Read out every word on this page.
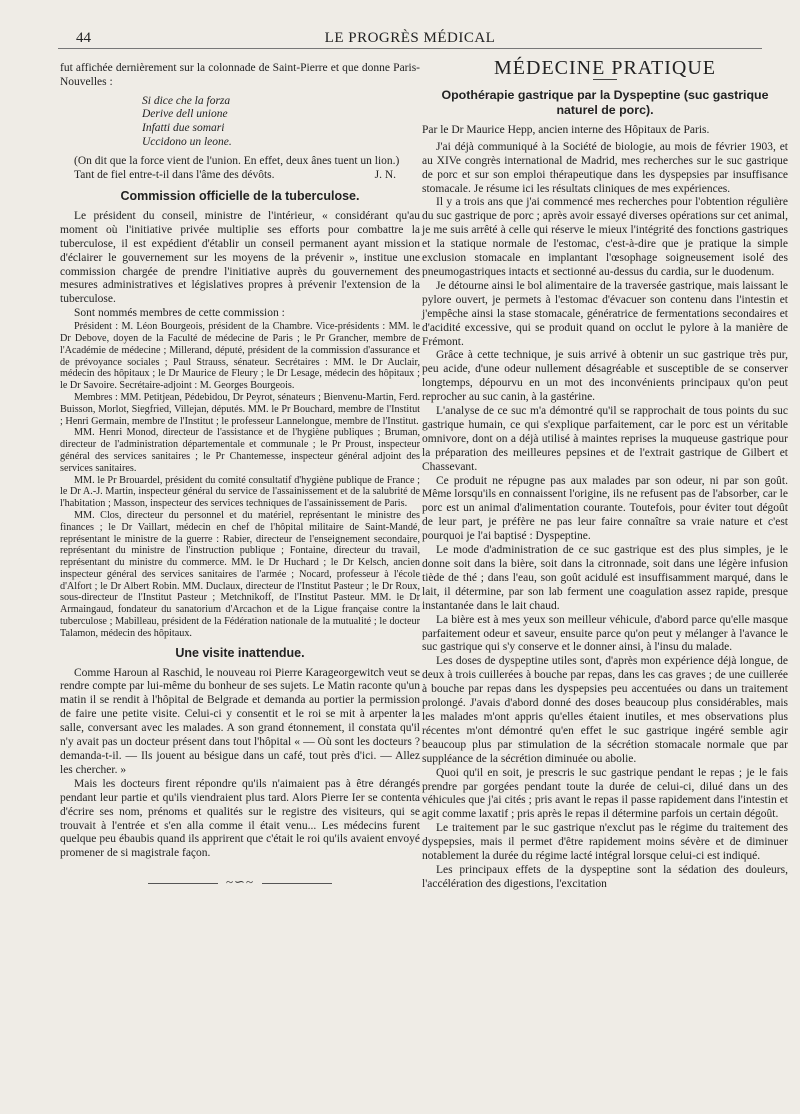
44	LE PROGRÈS MÉDICAL

fut affichée dernièrement sur la colonnade de Saint-Pierre et que donne Paris-Nouvelles :

Si dice che la forza
Derive dell unione
Infatti due somari
Uccidono un leone.

(On dit que la force vient de l'union. En effet, deux ânes tuent un lion.)

Tant de fiel entre-t-il dans l'âme des dévôts.	J. N.
Commission officielle de la tuberculose.

Le président du conseil, ministre de l'intérieur, « considérant qu'au moment où l'initiative privée multiplie ses efforts pour combattre la tuberculose, il est expédient d'établir un conseil permanent ayant mission d'éclairer le gouvernement sur les moyens de la prévenir », institue une commission chargée de prendre l'initiative auprès du gouvernement des mesures administratives et législatives propres à prévenir l'extension de la tuberculose.

Sont nommés membres de cette commission :

Président : M. Léon Bourgeois, président de la Chambre. Vice-présidents : MM. le Dr Debove, doyen de la Faculté de médecine de Paris ; le Pr Grancher, membre de l'Académie de médecine ; Millerand, député, président de la commission d'assurance et de prévoyance sociales ; Paul Strauss, sénateur. Secrétaires : MM. le Dr Auclair, médecin des hôpitaux ; le Dr Maurice de Fleury ; le Dr Lesage, médecin des hôpitaux ; le Dr Savoire. Secrétaire-adjoint : M. Georges Bourgeois.

Membres : MM. Petitjean, Pédebidou, Dr Peyrot, sénateurs ; Bienvenu-Martin, Ferd. Buisson, Morlot, Siegfried, Villejan, députés. MM. le Pr Bouchard, membre de l'Institut ; Henri Germain, membre de l'Institut ; le professeur Lannelongue, membre de l'Institut.

MM. Henri Monod, directeur de l'assistance et de l'hygiène publiques ; Bruman, directeur de l'administration départementale et communale ; le Pr Proust, inspecteur général des services sanitaires ; le Pr Chantemesse, inspecteur général adjoint des services sanitaires.

MM. le Pr Brouardel, président du comité consultatif d'hygiène publique de France ; le Dr A.-J. Martin, inspecteur général du service de l'assainissement et de la salubrité de l'habitation ; Masson, inspecteur des services techniques de l'assainissement de Paris.

MM. Clos, directeur du personnel et du matériel, représentant le ministre des finances ; le Dr Vaillart, médecin en chef de l'hôpital militaire de Saint-Mandé, représentant le ministre de la guerre : Rabier, directeur de l'enseignement secondaire, représentant du ministre de l'instruction publique ; Fontaine, directeur du travail, représentant du ministre du commerce. MM. le Dr Huchard ; le Dr Kelsch, ancien inspecteur général des services sanitaires de l'armée ; Nocard, professeur à l'école d'Alfort ; le Dr Albert Robin. MM. Duclaux, directeur de l'Institut Pasteur ; le Dr Roux, sous-directeur de l'Institut Pasteur ; Metchnikoff, de l'Institut Pasteur. MM. le Dr Armaingaud, fondateur du sanatorium d'Arcachon et de la Ligue française contre la tuberculose ; Mabilleau, président de la Fédération nationale de la mutualité ; le docteur Talamon, médecin des hôpitaux.

Une visite inattendue.

Comme Haroun al Raschid, le nouveau roi Pierre Karageorgewitch veut se rendre compte par lui-même du bonheur de ses sujets. Le Matin raconte qu'un matin il se rendit à l'hôpital de Belgrade et demanda au portier la permission de faire une petite visite. Celui-ci y consentit et le roi se mit à arpenter la salle, conversant avec les malades. A son grand étonnement, il constata qu'il n'y avait pas un docteur présent dans tout l'hôpital « — Où sont les docteurs ? demanda-t-il. — Ils jouent au bésigue dans un café, tout près d'ici. — Allez les chercher. »

Mais les docteurs firent répondre qu'ils n'aimaient pas à être dérangés pendant leur partie et qu'ils viendraient plus tard. Alors Pierre Ier se contenta d'écrire ses nom, prénoms et qualités sur le registre des visiteurs, qui se trouvait à l'entrée et s'en alla comme il était venu... Les médecins furent quelque peu ébaubis quand ils apprirent que c'était le roi qu'ils avaient envoyé promener de si magistrale façon.

~∽~
MÉDECINE PRATIQUE
Opothérapie gastrique par la Dyspeptine (suc gastrique naturel de porc).

Par le Dr Maurice Hepp, ancien interne des Hôpitaux de Paris.

J'ai déjà communiqué à la Société de biologie, au mois de février 1903, et au XIVe congrès international de Madrid, mes recherches sur le suc gastrique de porc et sur son emploi thérapeutique dans les dyspepsies par insuffisance stomacale. Je résume ici les résultats cliniques de mes expériences.

Il y a trois ans que j'ai commencé mes recherches pour l'obtention régulière du suc gastrique de porc ; après avoir essayé diverses opérations sur cet animal, je me suis arrêté à celle qui réserve le mieux l'intégrité des fonctions gastriques et la statique normale de l'estomac, c'est-à-dire que je pratique la simple exclusion stomacale en implantant l'œsophage soigneusement isolé des pneumogastriques intacts et sectionné au-dessus du cardia, sur le duodenum.

Je détourne ainsi le bol alimentaire de la traversée gastrique, mais laissant le pylore ouvert, je permets à l'estomac d'évacuer son contenu dans l'intestin et j'empêche ainsi la stase stomacale, génératrice de fermentations secondaires et d'acidité excessive, qui se produit quand on occlut le pylore à la manière de Frémont.

Grâce à cette technique, je suis arrivé à obtenir un suc gastrique très pur, peu acide, d'une odeur nullement désagréable et susceptible de se conserver longtemps, dépourvu en un mot des inconvénients principaux qu'on peut reprocher au suc canin, à la gastérine.

L'analyse de ce suc m'a démontré qu'il se rapprochait de tous points du suc gastrique humain, ce qui s'explique parfaitement, car le porc est un véritable omnivore, dont on a déjà utilisé à maintes reprises la muqueuse gastrique pour la préparation des meilleures pepsines et de l'extrait gastrique de Gilbert et Chassevant.

Ce produit ne répugne pas aux malades par son odeur, ni par son goût. Même lorsqu'ils en connaissent l'origine, ils ne refusent pas de l'absorber, car le porc est un animal d'alimentation courante. Toutefois, pour éviter tout dégoût de leur part, je préfère ne pas leur faire connaître sa vraie nature et c'est pourquoi je l'ai baptisé : Dyspeptine.

Le mode d'administration de ce suc gastrique est des plus simples, je le donne soit dans la bière, soit dans la citronnade, soit dans une légère infusion tiède de thé ; dans l'eau, son goût acidulé est insuffisamment marqué, dans le lait, il détermine, par son lab ferment une coagulation assez rapide, presque instantanée dans le lait chaud.

La bière est à mes yeux son meilleur véhicule, d'abord parce qu'elle masque parfaitement odeur et saveur, ensuite parce qu'on peut y mélanger à l'avance le suc gastrique qui s'y conserve et le donner ainsi, à l'insu du malade.

Les doses de dyspeptine utiles sont, d'après mon expérience déjà longue, de deux à trois cuillerées à bouche par repas, dans les cas graves ; de une cuillerée à bouche par repas dans les dyspepsies peu accentuées ou dans un traitement prolongé. J'avais d'abord donné des doses beaucoup plus considérables, mais les malades m'ont appris qu'elles étaient inutiles, et mes observations plus récentes m'ont démontré qu'en effet le suc gastrique ingéré semble agir beaucoup plus par stimulation de la sécrétion stomacale normale que par suppléance de la sécrétion diminuée ou abolie.

Quoi qu'il en soit, je prescris le suc gastrique pendant le repas ; je le fais prendre par gorgées pendant toute la durée de celui-ci, dilué dans un des véhicules que j'ai cités ; pris avant le repas il passe rapidement dans l'intestin et agit comme laxatif ; pris après le repas il détermine parfois un certain dégoût.

Le traitement par le suc gastrique n'exclut pas le régime du traitement des dyspepsies, mais il permet d'être rapidement moins sévère et de diminuer notablement la durée du régime lacté intégral lorsque celui-ci est indiqué.

Les principaux effets de la dyspeptine sont la sédation des douleurs, l'accélération des digestions, l'excitation
